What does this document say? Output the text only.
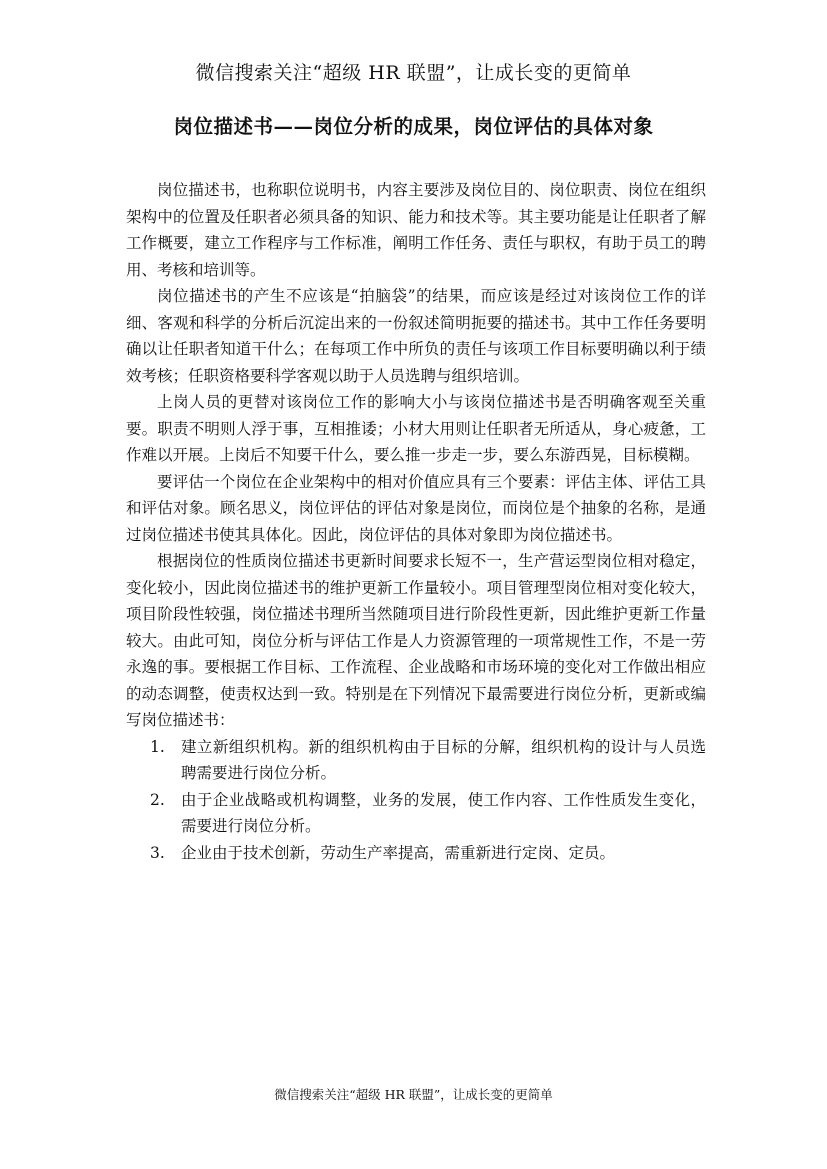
微信搜索关注“超级 HR 联盟”，让成长变的更简单
岗位描述书——岗位分析的成果，岗位评估的具体对象

岗位描述书，也称职位说明书，内容主要涉及岗位目的、岗位职责、岗位在组织架构中的位置及任职者必须具备的知识、能力和技术等。其主要功能是让任职者了解工作概要，建立工作程序与工作标准，阐明工作任务、责任与职权，有助于员工的聘用、考核和培训等。

岗位描述书的产生不应该是“拍脑袋”的结果，而应该是经过对该岗位工作的详细、客观和科学的分析后沉淀出来的一份叙述简明扼要的描述书。其中工作任务要明确以让任职者知道干什么；在每项工作中所负的责任与该项工作目标要明确以利于绩效考核；任职资格要科学客观以助于人员选聘与组织培训。

上岗人员的更替对该岗位工作的影响大小与该岗位描述书是否明确客观至关重要。职责不明则人浮于事，互相推诿；小材大用则让任职者无所适从，身心疲惫，工作难以开展。上岗后不知要干什么，要么推一步走一步，要么东游西晃，目标模糊。

要评估一个岗位在企业架构中的相对价值应具有三个要素：评估主体、评估工具和评估对象。顾名思义，岗位评估的评估对象是岗位，而岗位是个抽象的名称，是通过岗位描述书使其具体化。因此，岗位评估的具体对象即为岗位描述书。

根据岗位的性质岗位描述书更新时间要求长短不一，生产营运型岗位相对稳定，变化较小，因此岗位描述书的维护更新工作量较小。项目管理型岗位相对变化较大，项目阶段性较强，岗位描述书理所当然随项目进行阶段性更新，因此维护更新工作量较大。由此可知，岗位分析与评估工作是人力资源管理的一项常规性工作，不是一劳永逸的事。要根据工作目标、工作流程、企业战略和市场环境的变化对工作做出相应的动态调整，使责权达到一致。特别是在下列情况下最需要进行岗位分析，更新或编写岗位描述书：

1. 建立新组织机构。新的组织机构由于目标的分解，组织机构的设计与人员选聘需要进行岗位分析。
2. 由于企业战略或机构调整，业务的发展，使工作内容、工作性质发生变化，需要进行岗位分析。
3. 企业由于技术创新，劳动生产率提高，需重新进行定岗、定员。
微信搜索关注“超级 HR 联盟”，让成长变的更简单
